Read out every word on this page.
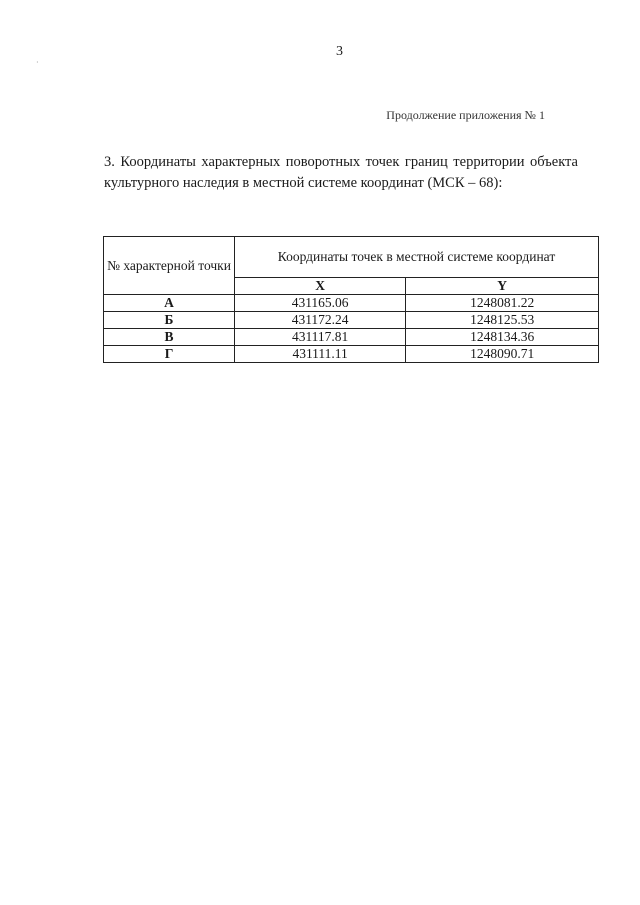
3
·
Продолжение приложения № 1
3. Координаты характерных поворотных точек границ территории объекта культурного наследия в местной системе координат (МСК – 68):
№ характерной точки	Координаты точек в местной системе координат	
	X	Y
А	431165.06	1248081.22
Б	431172.24	1248125.53
В	431117.81	1248134.36
Г	431111.11	1248090.71
